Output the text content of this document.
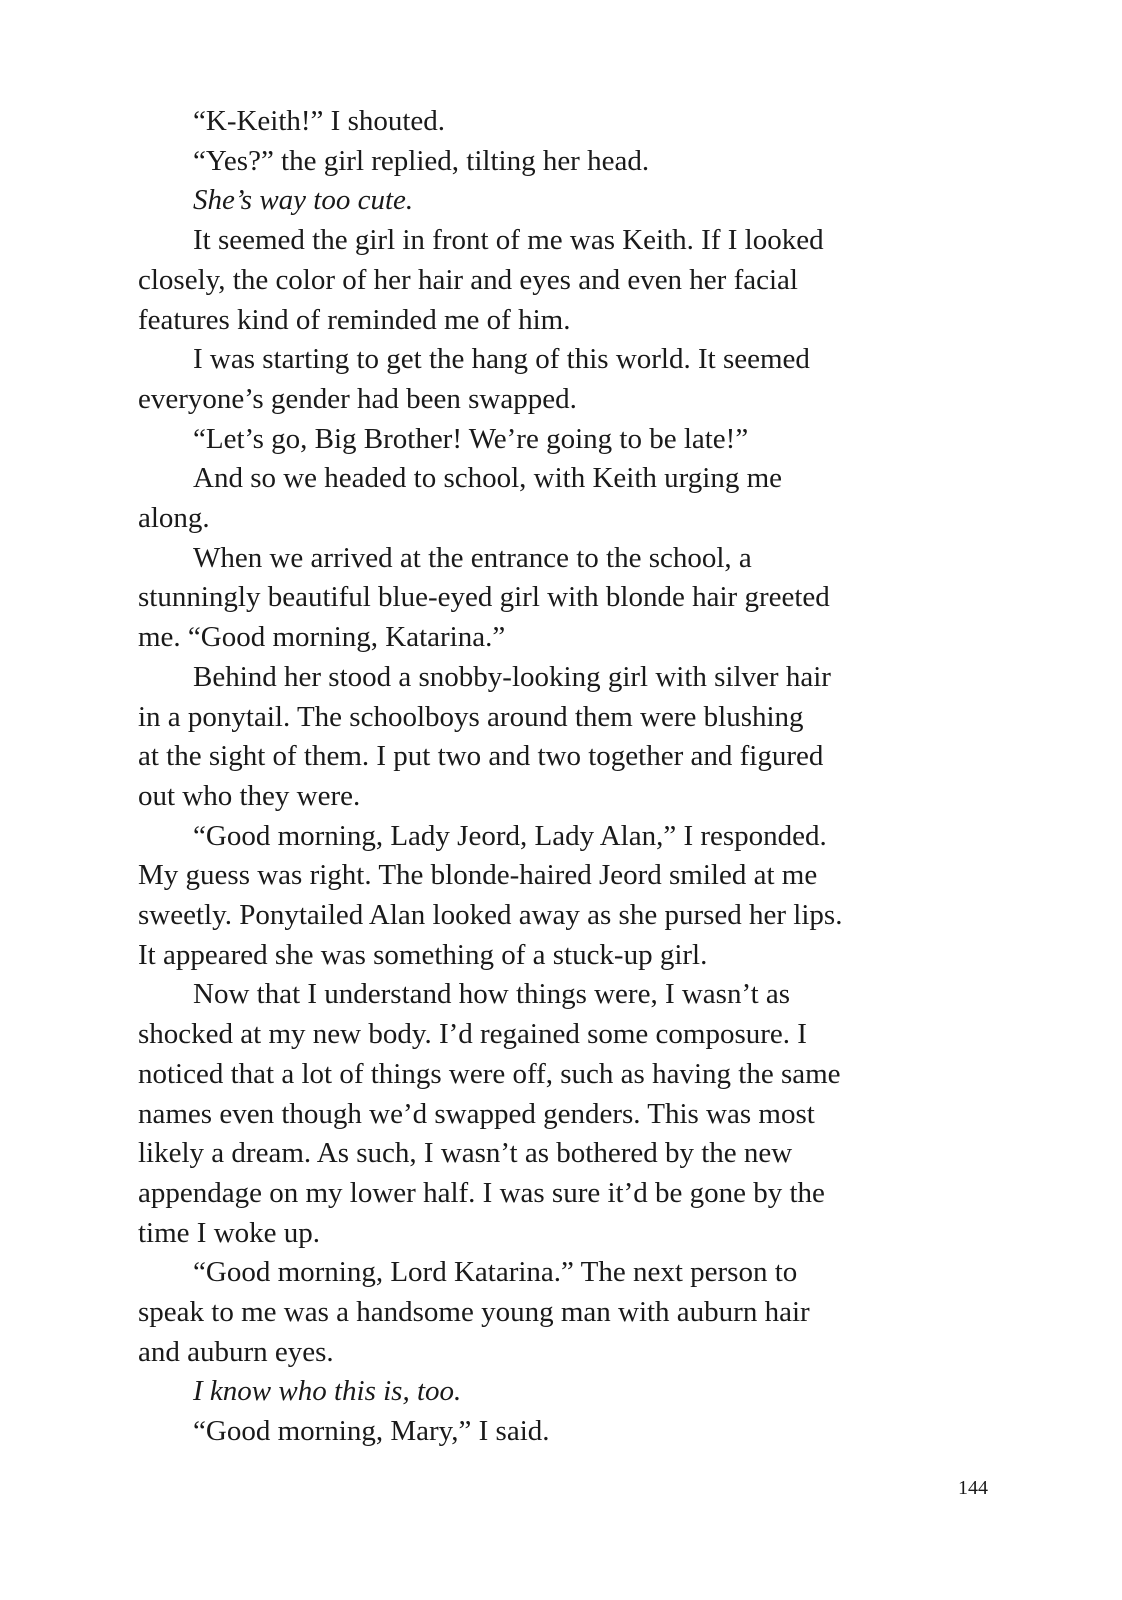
“K-Keith!” I shouted.
“Yes?” the girl replied, tilting her head.
She’s way too cute.
It seemed the girl in front of me was Keith. If I looked
closely, the color of her hair and eyes and even her facial
features kind of reminded me of him.
I was starting to get the hang of this world. It seemed
everyone’s gender had been swapped.
“Let’s go, Big Brother! We’re going to be late!”
And so we headed to school, with Keith urging me
along.
When we arrived at the entrance to the school, a
stunningly beautiful blue-eyed girl with blonde hair greeted
me. “Good morning, Katarina.”
Behind her stood a snobby-looking girl with silver hair
in a ponytail. The schoolboys around them were blushing
at the sight of them. I put two and two together and figured
out who they were.
“Good morning, Lady Jeord, Lady Alan,” I responded.
My guess was right. The blonde-haired Jeord smiled at me
sweetly. Ponytailed Alan looked away as she pursed her lips.
It appeared she was something of a stuck-up girl.
Now that I understand how things were, I wasn’t as
shocked at my new body. I’d regained some composure. I
noticed that a lot of things were off, such as having the same
names even though we’d swapped genders. This was most
likely a dream. As such, I wasn’t as bothered by the new
appendage on my lower half. I was sure it’d be gone by the
time I woke up.
“Good morning, Lord Katarina.” The next person to
speak to me was a handsome young man with auburn hair
and auburn eyes.
I know who this is, too.
“Good morning, Mary,” I said.
144
